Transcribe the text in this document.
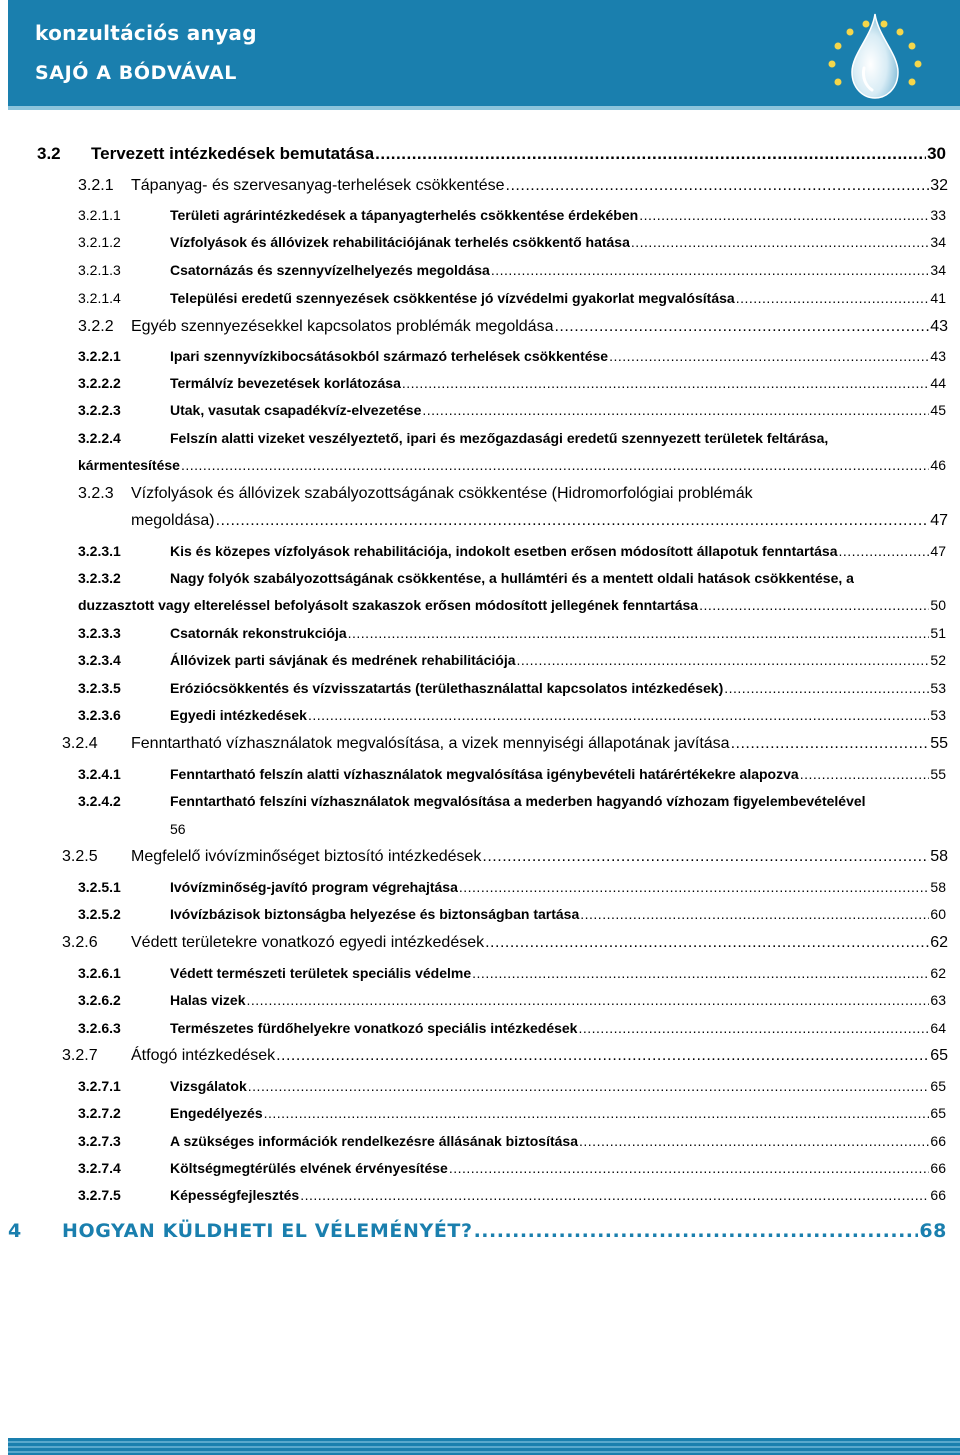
konzultációs anyag
SAJÓ A BÓDVÁVAL
3.2	Tervezett intézkedések bemutatása .....	30
3.2.1	Tápanyag- és szervesanyag-terhelések csökkentése .....	32
3.2.1.1	Területi agrárintézkedések a tápanyagterhelés csökkentése érdekében .....	33
3.2.1.2	Vízfolyások és állóvizek rehabilitációjának terhelés csökkentő hatása .....	34
3.2.1.3	Csatornázás és szennyvízelhelyezés megoldása .....	34
3.2.1.4	Települési eredetű szennyezések csökkentése jó vízvédelmi gyakorlat megvalósítása .....	41
3.2.2	Egyéb szennyezésekkel kapcsolatos problémák megoldása .....	43
3.2.2.1	Ipari szennyvízkibocsátásokból származó terhelések csökkentése .....	43
3.2.2.2	Termálvíz bevezetések korlátozása .....	44
3.2.2.3	Utak, vasutak csapadékvíz-elvezetése .....	45
3.2.2.4	Felszín alatti vizeket veszélyeztető, ipari és mezőgazdasági eredetű szennyezett területek feltárása,
kármentesítése .....	46
3.2.3	Vízfolyások és állóvizek szabályozottságának csökkentése (Hidromorfológiai problémák
megoldása) .....	47
3.2.3.1	Kis és közepes vízfolyások rehabilitációja, indokolt esetben erősen módosított állapotuk fenntartása .....	47
3.2.3.2	Nagy folyók szabályozottságának csökkentése, a hullámtéri és a mentett oldali hatások csökkentése, a
duzzasztott vagy eltereléssel befolyásolt szakaszok erősen módosított jellegének fenntartása .....	50
3.2.3.3	Csatornák rekonstrukciója .....	51
3.2.3.4	Állóvizek parti sávjának és medrének rehabilitációja .....	52
3.2.3.5	Eróziócsökkentés és vízvisszatartás (területhasználattal kapcsolatos intézkedések) .....	53
3.2.3.6	Egyedi intézkedések .....	53
3.2.4	Fenntartható vízhasználatok megvalósítása, a vizek mennyiségi állapotának javítása .....	55
3.2.4.1	Fenntartható felszín alatti vízhasználatok megvalósítása igénybevételi határértékekre alapozva .....	55
3.2.4.2	Fenntartható felszíni vízhasználatok megvalósítása a mederben hagyandó vízhozam figyelembevételével
56
3.2.5	Megfelelő ivóvízminőséget biztosító intézkedések .....	58
3.2.5.1	Ivóvízminőség-javító program végrehajtása .....	58
3.2.5.2	Ivóvízbázisok biztonságba helyezése és biztonságban tartása .....	60
3.2.6	Védett területekre vonatkozó egyedi intézkedések .....	62
3.2.6.1	Védett természeti területek speciális védelme .....	62
3.2.6.2	Halas vizek .....	63
3.2.6.3	Természetes fürdőhelyekre vonatkozó speciális intézkedések .....	64
3.2.7	Átfogó intézkedések .....	65
3.2.7.1	Vizsgálatok .....	65
3.2.7.2	Engedélyezés .....	65
3.2.7.3	A szükséges információk rendelkezésre állásának biztosítása .....	66
3.2.7.4	Költségmegtérülés elvének érvényesítése .....	66
3.2.7.5	Képességfejlesztés .....	66
4	HOGYAN KÜLDHETI EL VÉLEMÉNYÉT? .....	68
